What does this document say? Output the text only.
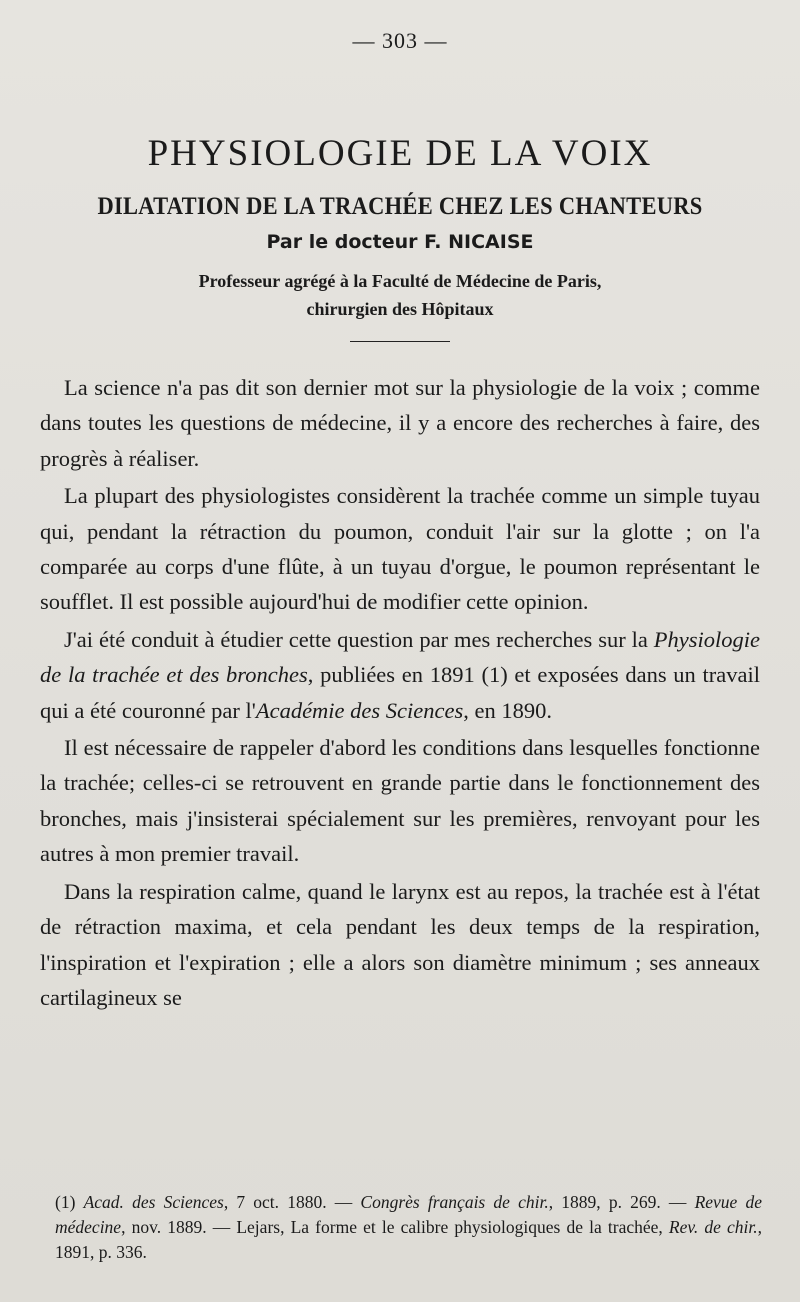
— 303 —
PHYSIOLOGIE DE LA VOIX
DILATATION DE LA TRACHÉE CHEZ LES CHANTEURS
Par le docteur F. NICAISE

Professeur agrégé à la Faculté de Médecine de Paris,

chirurgien des Hôpitaux

La science n'a pas dit son dernier mot sur la physiologie de la voix ; comme dans toutes les questions de médecine, il y a encore des recherches à faire, des progrès à réaliser.

La plupart des physiologistes considèrent la trachée comme un simple tuyau qui, pendant la rétraction du poumon, conduit l'air sur la glotte ; on l'a comparée au corps d'une flûte, à un tuyau d'orgue, le poumon représentant le soufflet. Il est possible aujourd'hui de modifier cette opinion.

J'ai été conduit à étudier cette question par mes recherches sur la Physiologie de la trachée et des bronches, publiées en 1891 (1) et exposées dans un travail qui a été couronné par l'Académie des Sciences, en 1890.

Il est nécessaire de rappeler d'abord les conditions dans lesquelles fonctionne la trachée; celles-ci se retrouvent en grande partie dans le fonctionnement des bronches, mais j'insisterai spécialement sur les premières, renvoyant pour les autres à mon premier travail.

Dans la respiration calme, quand le larynx est au repos, la trachée est à l'état de rétraction maxima, et cela pendant les deux temps de la respiration, l'inspiration et l'expiration ; elle a alors son diamètre minimum ; ses anneaux cartilagineux se

(1) Acad. des Sciences, 7 oct. 1880. — Congrès français de chir., 1889, p. 269. — Revue de médecine, nov. 1889. — Lejars, La forme et le calibre physiologiques de la trachée, Rev. de chir., 1891, p. 336.
